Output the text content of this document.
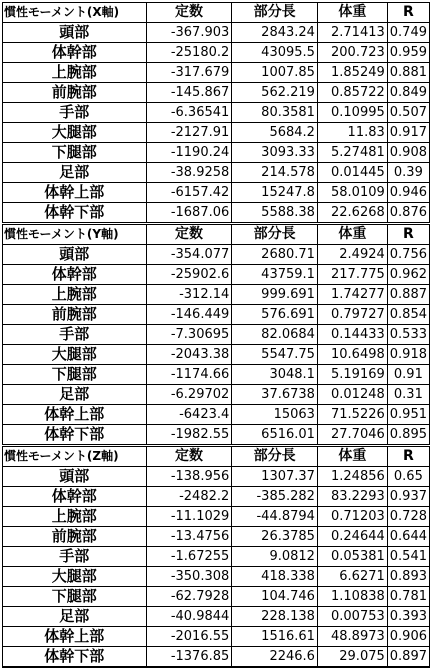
慣性モーメント(X軸)	定数	部分長	体重	R
頭部	-367.903	2843.24	2.71413	0.749
体幹部	-25180.2	43095.5	200.723	0.959
上腕部	-317.679	1007.85	1.85249	0.881
前腕部	-145.867	562.219	0.85722	0.849
手部	-6.36541	80.3581	0.10995	0.507
大腿部	-2127.91	5684.2	11.83	0.917
下腿部	-1190.24	3093.33	5.27481	0.908
足部	-38.9258	214.578	0.01445	0.39
体幹上部	-6157.42	15247.8	58.0109	0.946
体幹下部	-1687.06	5588.38	22.6268	0.876
慣性モーメント(Y軸)	定数	部分長	体重	R
頭部	-354.077	2680.71	2.4924	0.756
体幹部	-25902.6	43759.1	217.775	0.962
上腕部	-312.14	999.691	1.74277	0.887
前腕部	-146.449	576.691	0.79727	0.854
手部	-7.30695	82.0684	0.14433	0.533
大腿部	-2043.38	5547.75	10.6498	0.918
下腿部	-1174.66	3048.1	5.19169	0.91
足部	-6.29702	37.6738	0.01248	0.31
体幹上部	-6423.4	15063	71.5226	0.951
体幹下部	-1982.55	6516.01	27.7046	0.895
慣性モーメント(Z軸)	定数	部分長	体重	R
頭部	-138.956	1307.37	1.24856	0.65
体幹部	-2482.2	-385.282	83.2293	0.937
上腕部	-11.1029	-44.8794	0.71203	0.728
前腕部	-13.4756	26.3785	0.24644	0.644
手部	-1.67255	9.0812	0.05381	0.541
大腿部	-350.308	418.338	6.6271	0.893
下腿部	-62.7928	104.746	1.10838	0.781
足部	-40.9844	228.138	0.00753	0.393
体幹上部	-2016.55	1516.61	48.8973	0.906
体幹下部	-1376.85	2246.6	29.075	0.897
